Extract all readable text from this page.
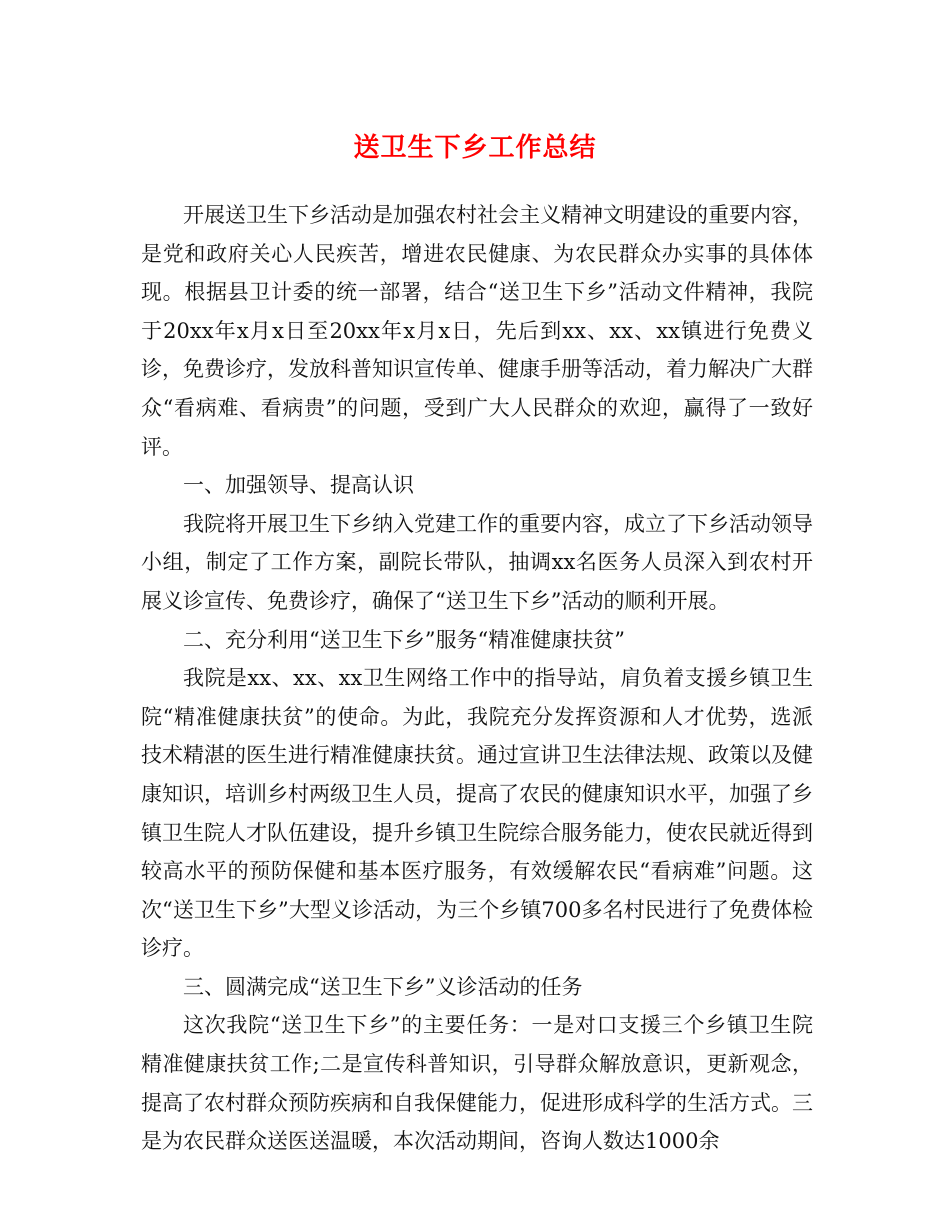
送卫生下乡工作总结

开展送卫生下乡活动是加强农村社会主义精神文明建设的重要内容，是党和政府关心人民疾苦，增进农民健康、为农民群众办实事的具体体现。根据县卫计委的统一部署，结合“送卫生下乡”活动文件精神，我院于20xx年x月x日至20xx年x月x日，先后到xx、xx、xx镇进行免费义诊，免费诊疗，发放科普知识宣传单、健康手册等活动，着力解决广大群众“看病难、看病贵”的问题，受到广大人民群众的欢迎，赢得了一致好评。

一、加强领导、提高认识

我院将开展卫生下乡纳入党建工作的重要内容，成立了下乡活动领导小组，制定了工作方案，副院长带队，抽调xx名医务人员深入到农村开展义诊宣传、免费诊疗，确保了“送卫生下乡”活动的顺利开展。

二、充分利用“送卫生下乡”服务“精准健康扶贫”

我院是xx、xx、xx卫生网络工作中的指导站，肩负着支援乡镇卫生院“精准健康扶贫”的使命。为此，我院充分发挥资源和人才优势，选派技术精湛的医生进行精准健康扶贫。通过宣讲卫生法律法规、政策以及健康知识，培训乡村两级卫生人员，提高了农民的健康知识水平，加强了乡镇卫生院人才队伍建设，提升乡镇卫生院综合服务能力，使农民就近得到较高水平的预防保健和基本医疗服务，有效缓解农民“看病难”问题。这次“送卫生下乡”大型义诊活动，为三个乡镇700多名村民进行了免费体检诊疗。

三、圆满完成“送卫生下乡”义诊活动的任务

这次我院“送卫生下乡”的主要任务：一是对口支援三个乡镇卫生院精准健康扶贫工作;二是宣传科普知识，引导群众解放意识，更新观念，提高了农村群众预防疾病和自我保健能力，促进形成科学的生活方式。三是为农民群众送医送温暖，本次活动期间，咨询人数达1000余
